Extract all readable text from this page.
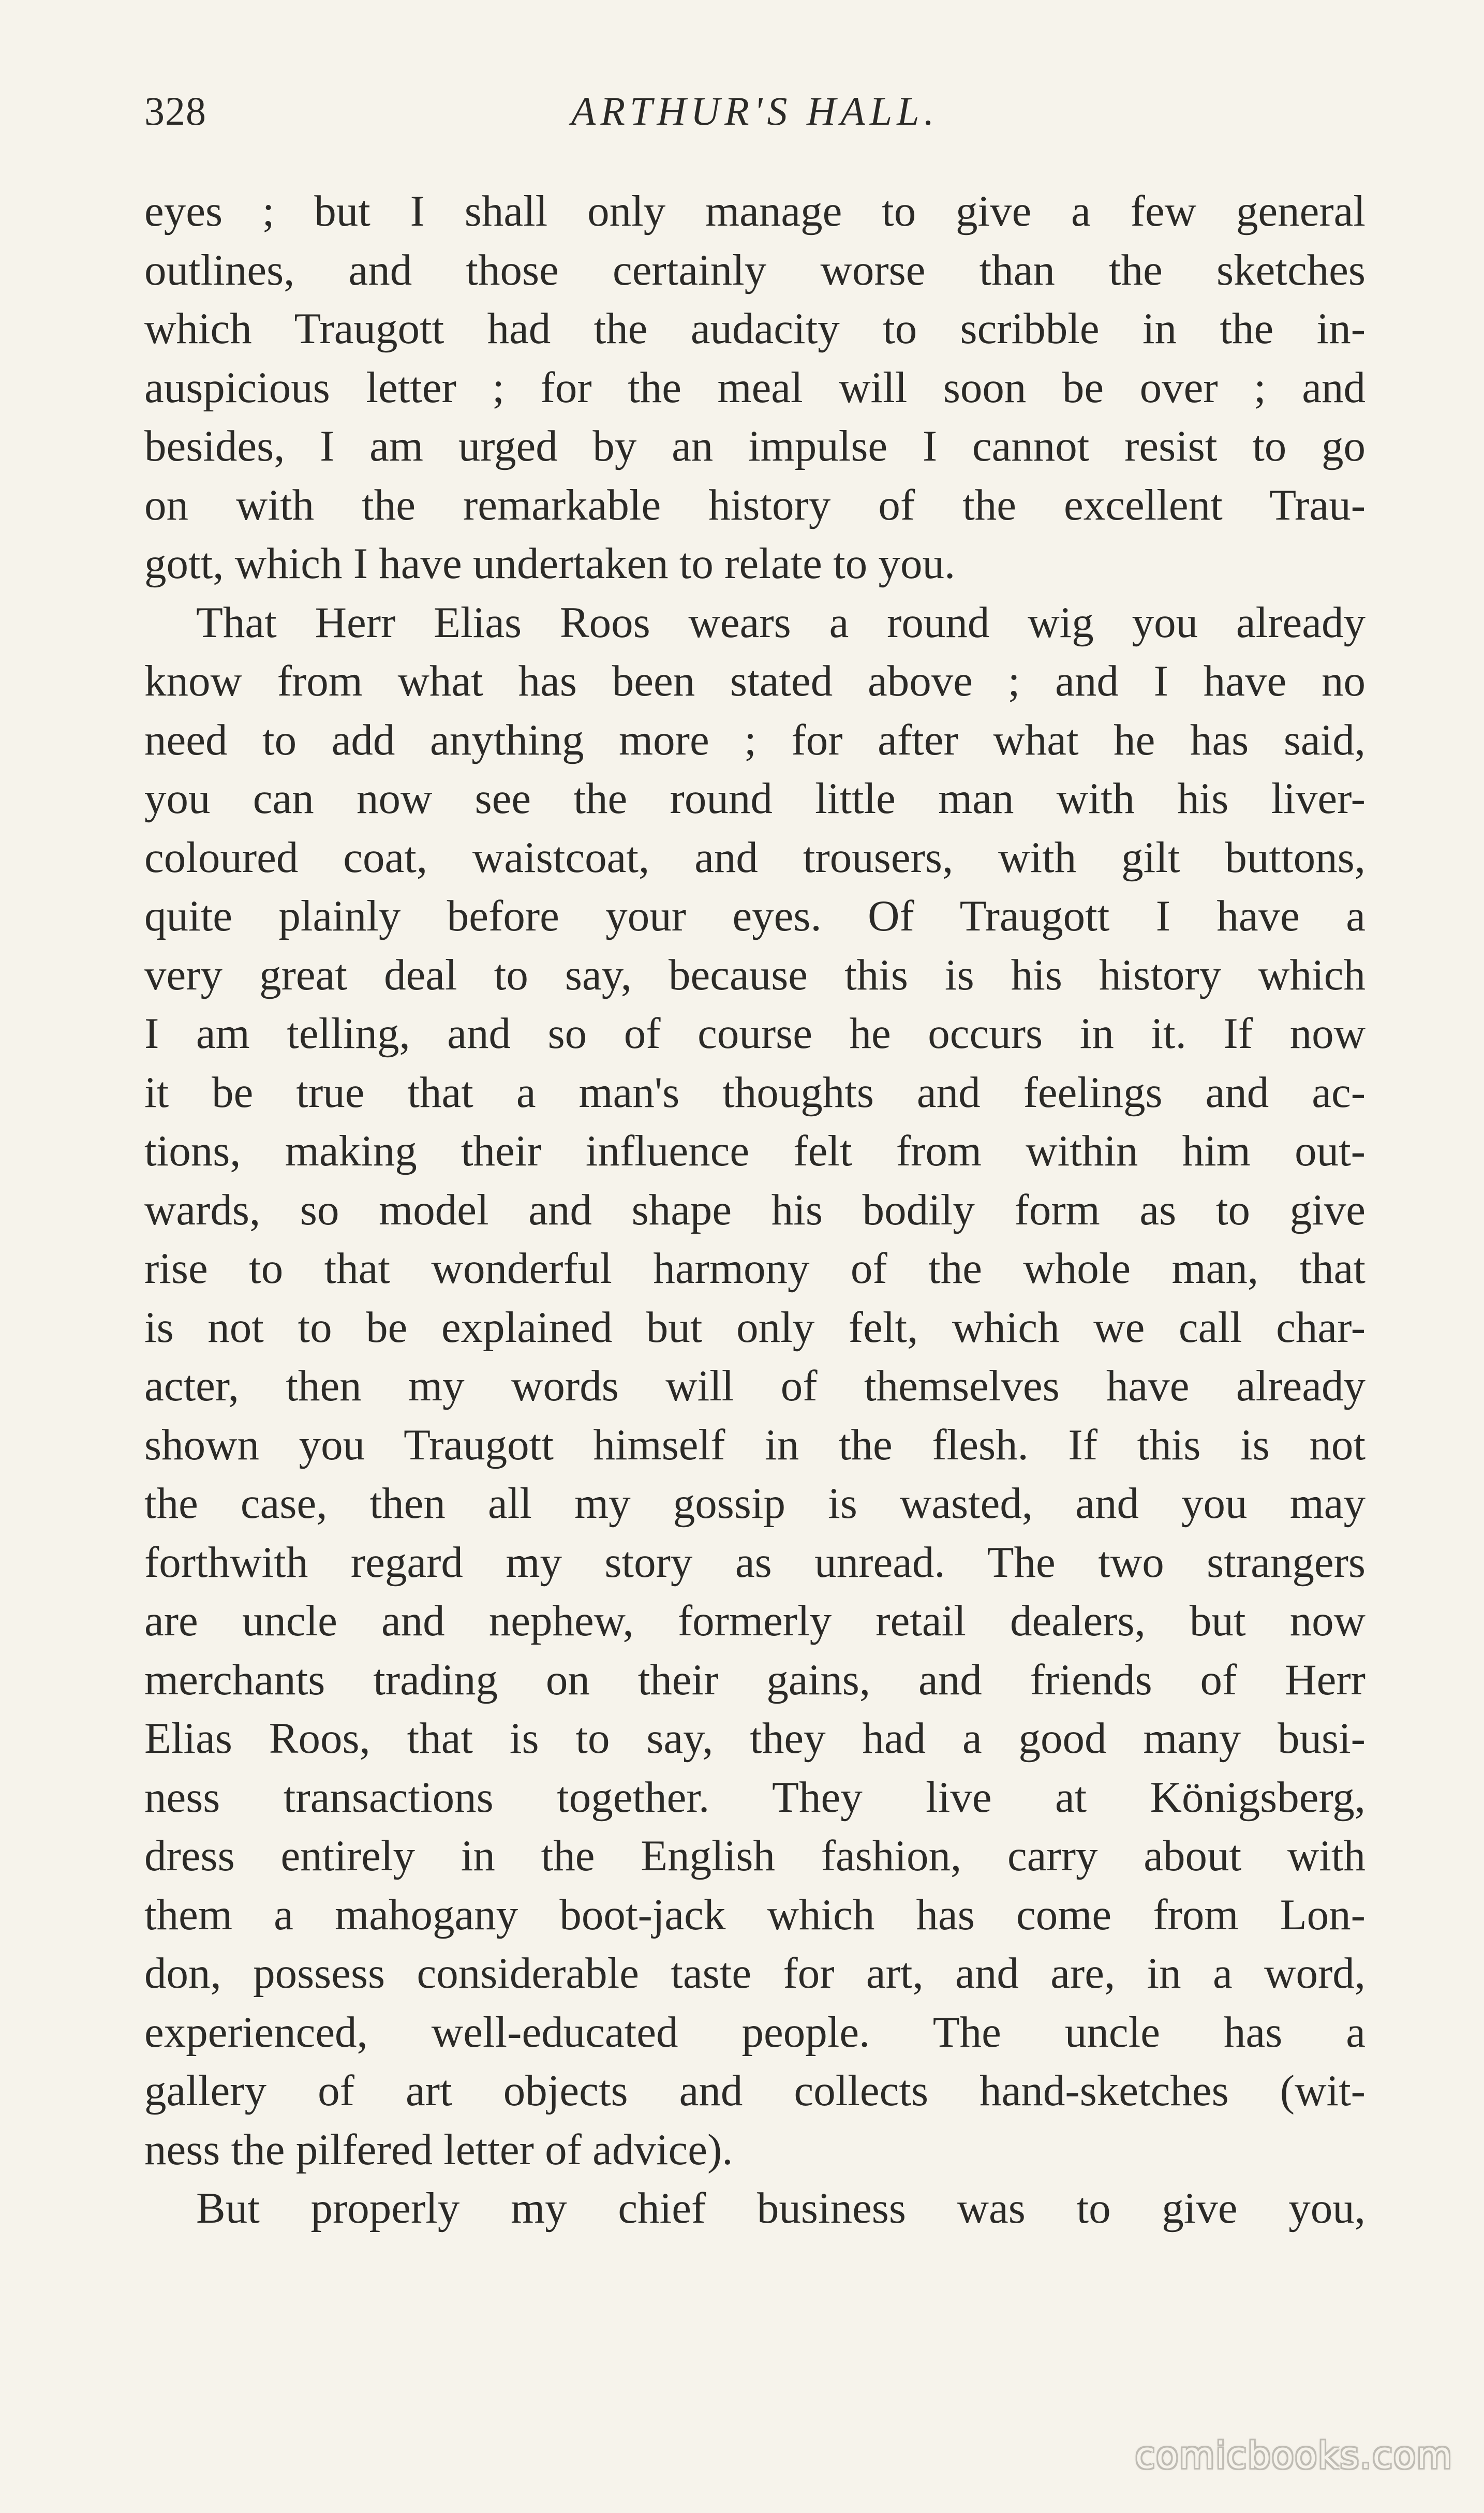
328	ARTHUR'S HALL.
eyes ; but I shall only manage to give a few general
outlines, and those certainly worse than the sketches
which Traugott had the audacity to scribble in the in-
auspicious letter ; for the meal will soon be over ; and
besides, I am urged by an impulse I cannot resist to go
on with the remarkable history of the excellent Trau-
gott, which I have undertaken to relate to you.
That Herr Elias Roos wears a round wig you already
know from what has been stated above ; and I have no
need to add anything more ; for after what he has said,
you can now see the round little man with his liver-
coloured coat, waistcoat, and trousers, with gilt buttons,
quite plainly before your eyes. Of Traugott I have a
very great deal to say, because this is his history which
I am telling, and so of course he occurs in it. If now
it be true that a man's thoughts and feelings and ac-
tions, making their influence felt from within him out-
wards, so model and shape his bodily form as to give
rise to that wonderful harmony of the whole man, that
is not to be explained but only felt, which we call char-
acter, then my words will of themselves have already
shown you Traugott himself in the flesh. If this is not
the case, then all my gossip is wasted, and you may
forthwith regard my story as unread. The two strangers
are uncle and nephew, formerly retail dealers, but now
merchants trading on their gains, and friends of Herr
Elias Roos, that is to say, they had a good many busi-
ness transactions together. They live at Königsberg,
dress entirely in the English fashion, carry about with
them a mahogany boot-jack which has come from Lon-
don, possess considerable taste for art, and are, in a word,
experienced, well-educated people. The uncle has a
gallery of art objects and collects hand-sketches (wit-
ness the pilfered letter of advice).
But properly my chief business was to give you,
comicbooks.com
